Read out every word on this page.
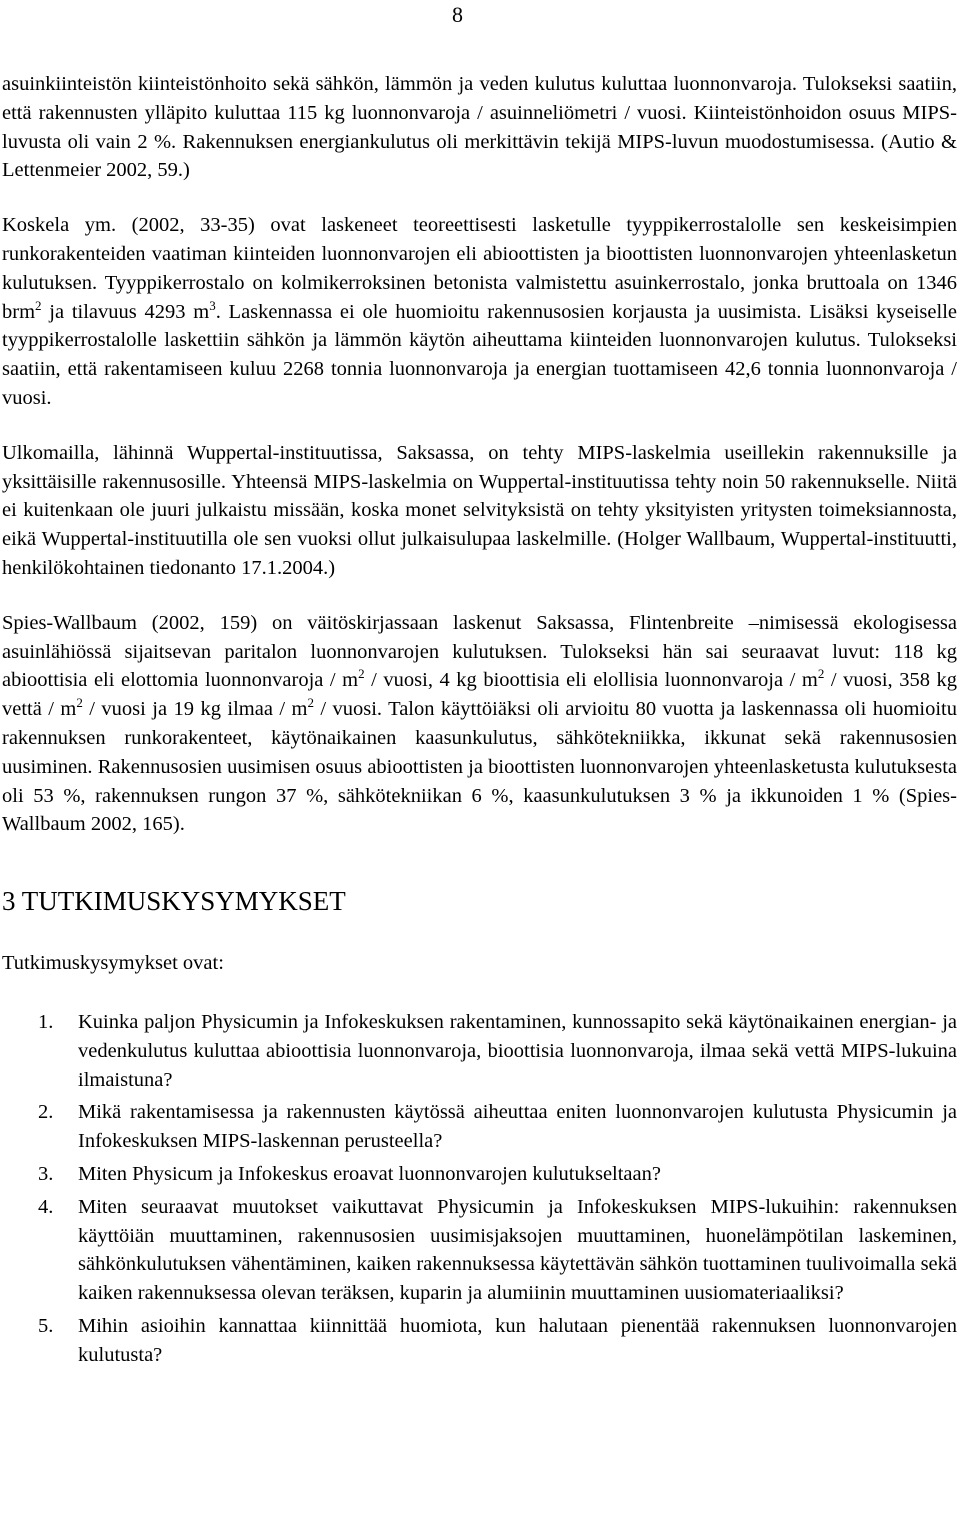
8

asuinkiinteistön kiinteistönhoito sekä sähkön, lämmön ja veden kulutus kuluttaa luonnonvaroja. Tulokseksi saatiin, että rakennusten ylläpito kuluttaa 115 kg luonnonvaroja / asuinneliömetri / vuosi. Kiinteistönhoidon osuus MIPS-luvusta oli vain 2 %. Rakennuksen energiankulutus oli merkittävin tekijä MIPS-luvun muodostumisessa. (Autio & Lettenmeier 2002, 59.)

Koskela ym. (2002, 33-35) ovat laskeneet teoreettisesti lasketulle tyyppikerrostalolle sen keskeisimpien runkorakenteiden vaatiman kiinteiden luonnonvarojen eli abioottisten ja bioottisten luonnonvarojen yhteenlasketun kulutuksen. Tyyppikerrostalo on kolmikerroksinen betonista valmistettu asuinkerrostalo, jonka bruttoala on 1346 brm$^2$ ja tilavuus 4293 $m^3$. Laskennassa ei ole huomioitu rakennusosien korjausta ja uusimista. Lisäksi kyseiselle tyyppikerrostalolle laskettiin sähkön ja lämmön käytön aiheuttama kiinteiden luonnonvarojen kulutus. Tulokseksi saatiin, että rakentamiseen kuluu 2268 tonnia luonnonvaroja ja energian tuottamiseen 42,6 tonnia luonnonvaroja / vuosi.

Ulkomailla, lähinnä Wuppertal-instituutissa, Saksassa, on tehty MIPS-laskelmia useillekin rakennuksille ja yksittäisille rakennusosille. Yhteensä MIPS-laskelmia on Wuppertal-instituutissa tehty noin 50 rakennukselle. Niitä ei kuitenkaan ole juuri julkaistu missään, koska monet selvityksistä on tehty yksityisten yritysten toimeksiannosta, eikä Wuppertal-instituutilla ole sen vuoksi ollut julkaisulupaa laskelmille. (Holger Wallbaum, Wuppertal-instituutti, henkilökohtainen tiedonanto 17.1.2004.)

Spies-Wallbaum (2002, 159) on väitöskirjassaan laskenut Saksassa, Flintenbreite –nimisessä ekologisessa asuinlähiössä sijaitsevan paritalon luonnonvarojen kulutuksen. Tulokseksi hän sai seuraavat luvut: 118 kg abioottisia eli elottomia luonnonvaroja / $m^2$ / vuosi, 4 kg bioottisia eli elollisia luonnonvaroja / $m^2$ / vuosi, 358 kg vettä / $m^2$ / vuosi ja 19 kg ilmaa / $m^2$ / vuosi. Talon käyttöiäksi oli arvioitu 80 vuotta ja laskennassa oli huomioitu rakennuksen runkorakenteet, käytönaikainen kaasunkulutus, sähkötekniikka, ikkunat sekä rakennusosien uusiminen. Rakennusosien uusimisen osuus abioottisten ja bioottisten luonnonvarojen yhteenlasketusta kulutuksesta oli 53 %, rakennuksen rungon 37 %, sähkötekniikan 6 %, kaasunkulutuksen 3 % ja ikkunoiden 1 % (Spies-Wallbaum 2002, 165).

3 TUTKIMUSKYSYMYKSET

Tutkimuskysymykset ovat:

1. Kuinka paljon Physicumin ja Infokeskuksen rakentaminen, kunnossapito sekä käytönaikainen energian- ja vedenkulutus kuluttaa abioottisia luonnonvaroja, bioottisia luonnonvaroja, ilmaa sekä vettä MIPS-lukuina ilmaistuna?
2. Mikä rakentamisessa ja rakennusten käytössä aiheuttaa eniten luonnonvarojen kulutusta Physicumin ja Infokeskuksen MIPS-laskennan perusteella?
3. Miten Physicum ja Infokeskus eroavat luonnonvarojen kulutukseltaan?
4. Miten seuraavat muutokset vaikuttavat Physicumin ja Infokeskuksen MIPS-lukuihin: rakennuksen käyttöiän muuttaminen, rakennusosien uusimisjaksojen muuttaminen, huonelämpötilan laskeminen, sähkönkulutuksen vähentäminen, kaiken rakennuksessa käytettävän sähkön tuottaminen tuulivoimalla sekä kaiken rakennuksessa olevan teräksen, kuparin ja alumiinin muuttaminen uusiomateriaaliksi?
5. Mihin asioihin kannattaa kiinnittää huomiota, kun halutaan pienentää rakennuksen luonnonvarojen kulutusta?
